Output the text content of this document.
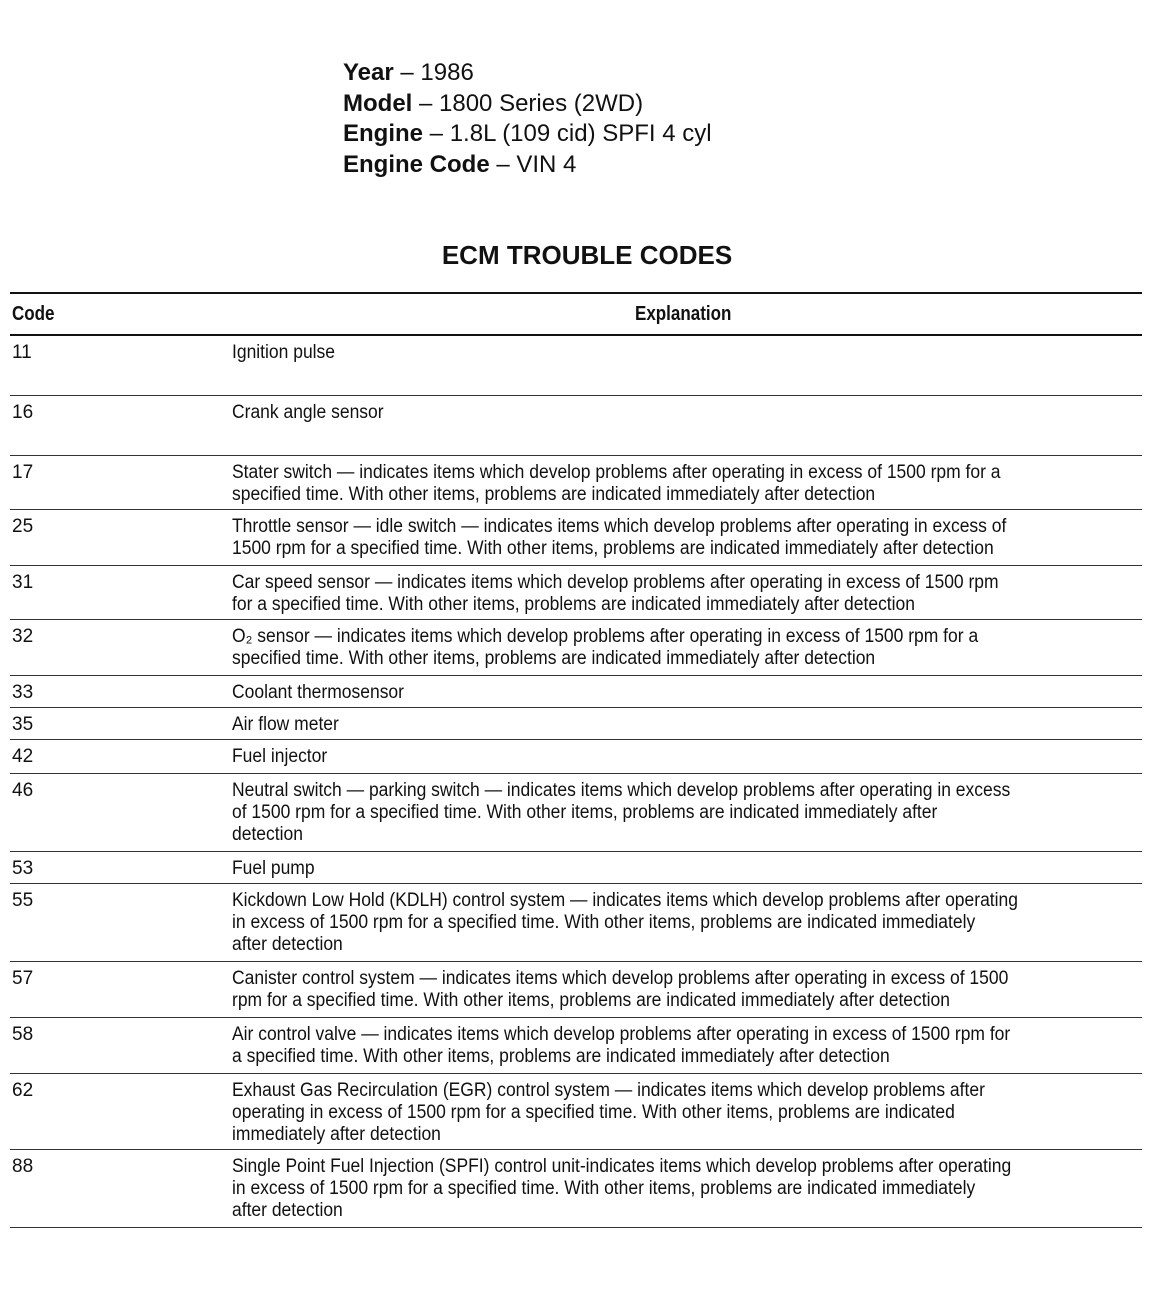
Year – 1986
Model – 1800 Series (2WD)
Engine – 1.8L (109 cid) SPFI 4 cyl
Engine Code – VIN 4
ECM TROUBLE CODES
Code	Explanation
11	Ignition pulse
16	Crank angle sensor
17	Stater switch — indicates items which develop problems after operating in excess of 1500 rpm for a
specified time. With other items, problems are indicated immediately after detection
25	Throttle sensor — idle switch — indicates items which develop problems after operating in excess of
1500 rpm for a specified time. With other items, problems are indicated immediately after detection
31	Car speed sensor — indicates items which develop problems after operating in excess of 1500 rpm
for a specified time. With other items, problems are indicated immediately after detection
32	O₂ sensor — indicates items which develop problems after operating in excess of 1500 rpm for a
specified time. With other items, problems are indicated immediately after detection
33	Coolant thermosensor
35	Air flow meter
42	Fuel injector
46	Neutral switch — parking switch — indicates items which develop problems after operating in excess
of 1500 rpm for a specified time. With other items, problems are indicated immediately after
detection
53	Fuel pump
55	Kickdown Low Hold (KDLH) control system — indicates items which develop problems after operating
in excess of 1500 rpm for a specified time. With other items, problems are indicated immediately
after detection
57	Canister control system — indicates items which develop problems after operating in excess of 1500
rpm for a specified time. With other items, problems are indicated immediately after detection
58	Air control valve — indicates items which develop problems after operating in excess of 1500 rpm for
a specified time. With other items, problems are indicated immediately after detection
62	Exhaust Gas Recirculation (EGR) control system — indicates items which develop problems after
operating in excess of 1500 rpm for a specified time. With other items, problems are indicated
immediately after detection
88	Single Point Fuel Injection (SPFI) control unit-indicates items which develop problems after operating
in excess of 1500 rpm for a specified time. With other items, problems are indicated immediately
after detection
